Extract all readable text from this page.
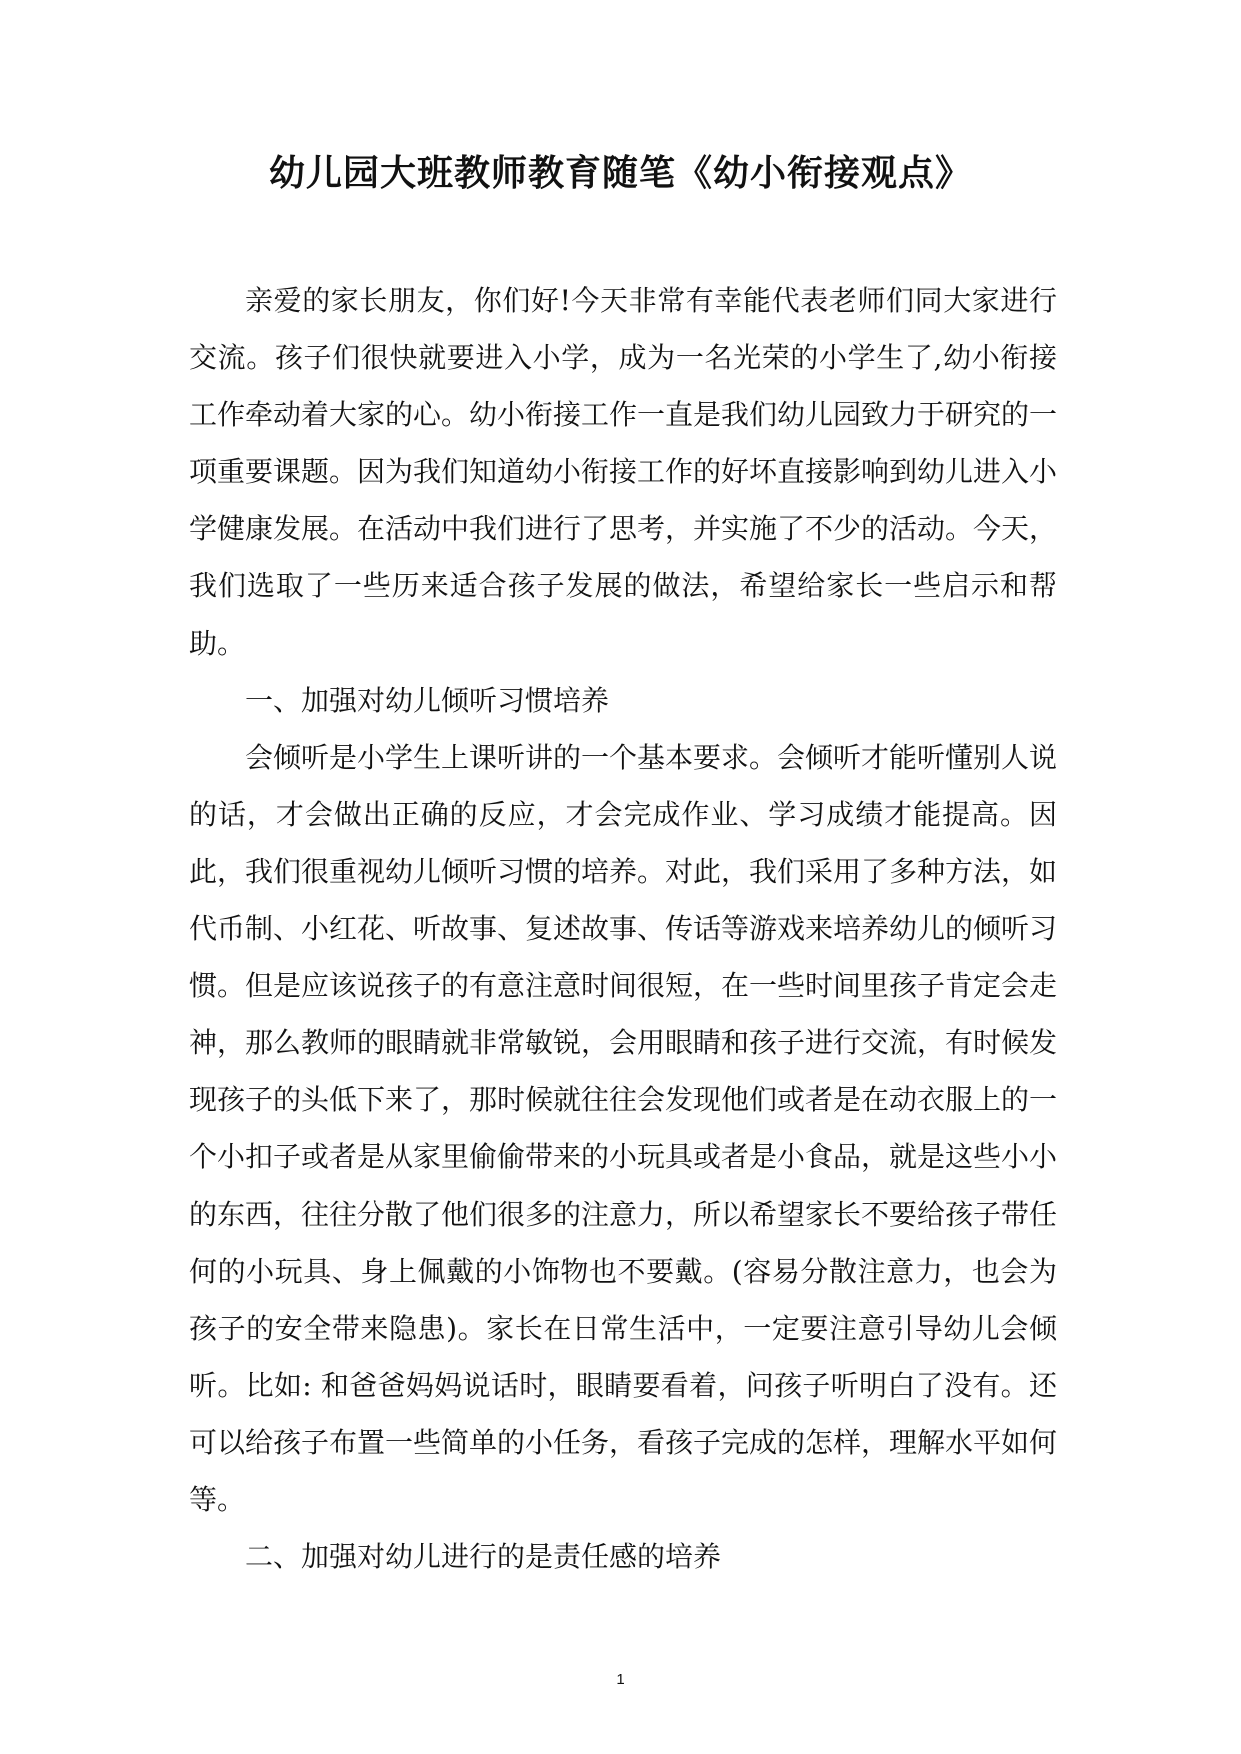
幼儿园大班教师教育随笔《幼小衔接观点》

亲爱的家长朋友，你们好!今天非常有幸能代表老师们同大家进行交流。孩子们很快就要进入小学，成为一名光荣的小学生了,幼小衔接工作牵动着大家的心。幼小衔接工作一直是我们幼儿园致力于研究的一项重要课题。因为我们知道幼小衔接工作的好坏直接影响到幼儿进入小学健康发展。在活动中我们进行了思考，并实施了不少的活动。今天，我们选取了一些历来适合孩子发展的做法，希望给家长一些启示和帮助。

一、加强对幼儿倾听习惯培养

会倾听是小学生上课听讲的一个基本要求。会倾听才能听懂别人说的话，才会做出正确的反应，才会完成作业、学习成绩才能提高。因此，我们很重视幼儿倾听习惯的培养。对此，我们采用了多种方法，如代币制、小红花、听故事、复述故事、传话等游戏来培养幼儿的倾听习惯。但是应该说孩子的有意注意时间很短，在一些时间里孩子肯定会走神，那么教师的眼睛就非常敏锐，会用眼睛和孩子进行交流，有时候发现孩子的头低下来了，那时候就往往会发现他们或者是在动衣服上的一个小扣子或者是从家里偷偷带来的小玩具或者是小食品，就是这些小小的东西，往往分散了他们很多的注意力，所以希望家长不要给孩子带任何的小玩具、身上佩戴的小饰物也不要戴。(容易分散注意力，也会为孩子的安全带来隐患)。家长在日常生活中，一定要注意引导幼儿会倾听。比如: 和爸爸妈妈说话时，眼睛要看着，问孩子听明白了没有。还可以给孩子布置一些简单的小任务，看孩子完成的怎样，理解水平如何等。

二、加强对幼儿进行的是责任感的培养

1
